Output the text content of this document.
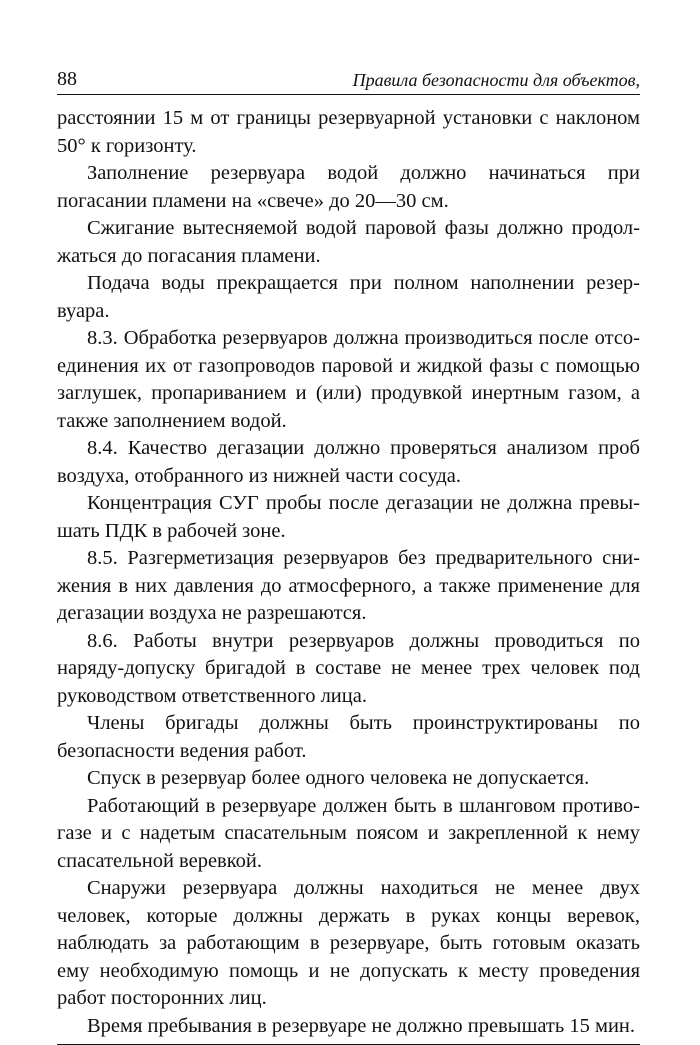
88	Правила безопасности для объектов,

расстоянии 15 м от границы резервуарной установки с наклоном 50° к горизонту.

Заполнение резервуара водой должно начинаться при погасании пламени на «свече» до 20—30 см.

Сжигание вытесняемой водой паровой фазы должно продолжаться до погасания пламени.

Подача воды прекращается при полном наполнении резервуара.

8.3. Обработка резервуаров должна производиться после отсоединения их от газопроводов паровой и жидкой фазы с помощью заглушек, пропариванием и (или) продувкой инертным газом, а также заполнением водой.

8.4. Качество дегазации должно проверяться анализом проб воздуха, отобранного из нижней части сосуда.

Концентрация СУГ пробы после дегазации не должна превышать ПДК в рабочей зоне.

8.5. Разгерметизация резервуаров без предварительного снижения в них давления до атмосферного, а также применение для дегазации воздуха не разрешаются.

8.6. Работы внутри резервуаров должны проводиться по наряду-допуску бригадой в составе не менее трех человек под руководством ответственного лица.

Члены бригады должны быть проинструктированы по безопасности ведения работ.

Спуск в резервуар более одного человека не допускается.

Работающий в резервуаре должен быть в шланговом противогазе и с надетым спасательным поясом и закрепленной к нему спасательной веревкой.

Снаружи резервуара должны находиться не менее двух человек, которые должны держать в руках концы веревок, наблюдать за работающим в резервуаре, быть готовым оказать ему необходимую помощь и не допускать к месту проведения работ посторонних лиц.

Время пребывания в резервуаре не должно превышать 15 мин.
